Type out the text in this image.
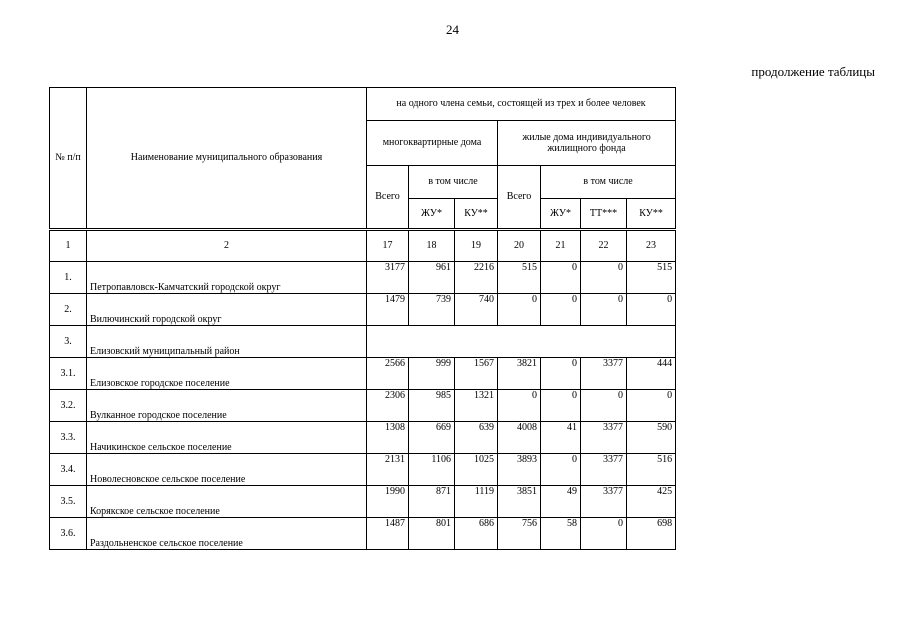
24
продолжение таблицы
№ п/п	Наименование муниципального образования	на одного члена семьи, состоящей из трех и более человек						
		многоквартирные дома			жилые дома индивидуального жилищного фонда			
		Всего	в том числе		Всего	в том числе		
			ЖУ*	КУ**		ЖУ*	ТТ***	КУ**
1	2	17	18	19	20	21	22	23
1.	Петропавловск-Камчатский городской округ	3177	961	2216	515	0	0	515
2.	Вилючинский городской округ	1479	739	740	0	0	0	0
3.	Елизовский муниципальный район							
3.1.	Елизовское городское поселение	2566	999	1567	3821	0	3377	444
3.2.	Вулканное городское поселение	2306	985	1321	0	0	0	0
3.3.	Начикинское сельское поселение	1308	669	639	4008	41	3377	590
3.4.	Новолесновское сельское поселение	2131	1106	1025	3893	0	3377	516
3.5.	Корякское сельское поселение	1990	871	1119	3851	49	3377	425
3.6.	Раздольненское сельское поселение	1487	801	686	756	58	0	698
